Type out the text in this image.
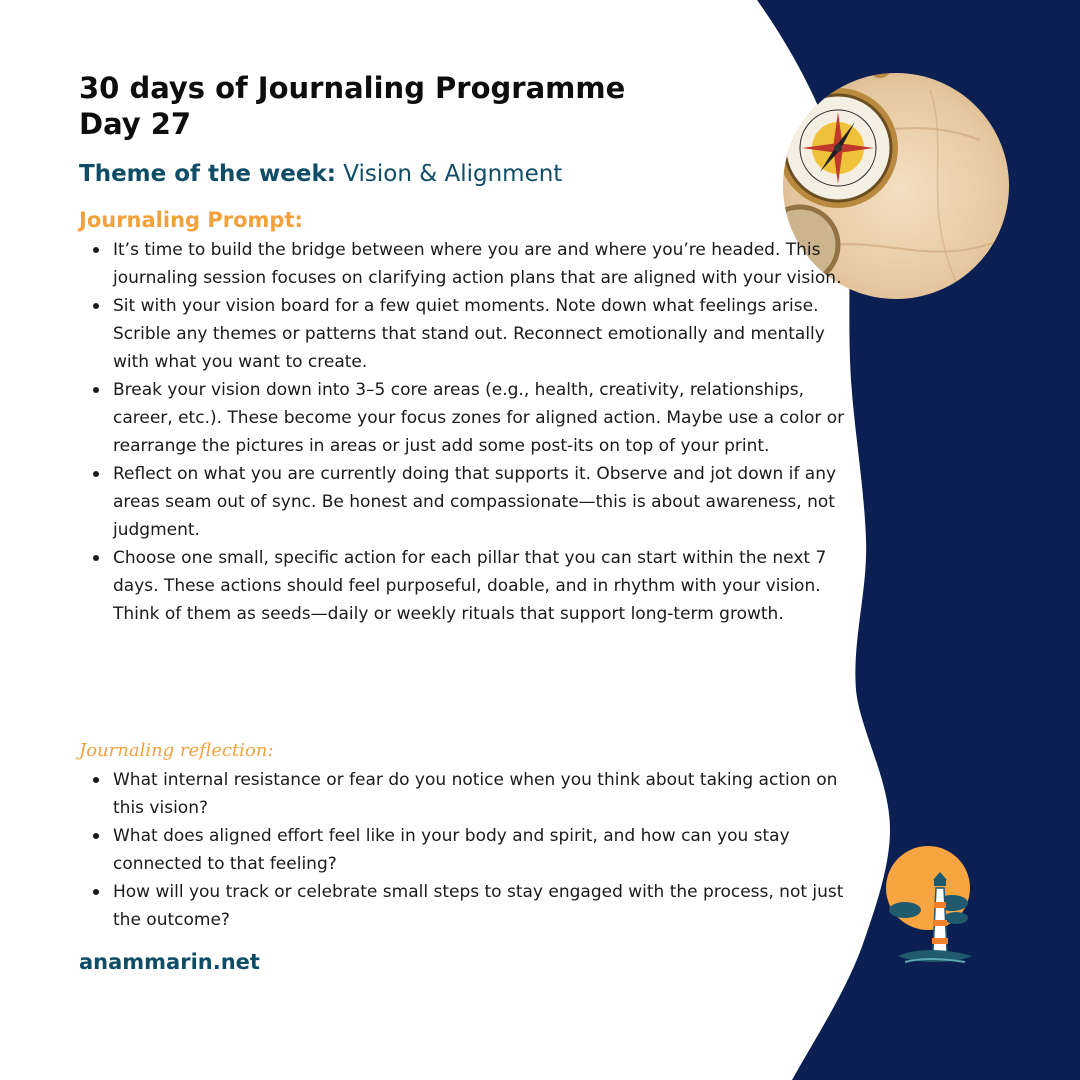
30 days of Journaling Programme
Day 27

Theme of the week: Vision & Alignment

Journaling Prompt:

It’s time to build the bridge between where you are and where you’re headed. This journaling session focuses on clarifying action plans that are aligned with your vision.
Sit with your vision board for a few quiet moments. Note down what feelings arise. Scrible any themes or patterns that stand out. Reconnect emotionally and mentally with what you want to create.
Break your vision down into 3–5 core areas (e.g., health, creativity, relationships, career, etc.). These become your focus zones for aligned action. Maybe use a color or rearrange the pictures in areas or just add some post-its on top of your print.
Reflect on what you are currently doing that supports it. Observe and jot down if any areas seam out of sync. Be honest and compassionate—this is about awareness, not judgment.
Choose one small, specific action for each pillar that you can start within the next 7 days. These actions should feel purposeful, doable, and in rhythm with your vision. Think of them as seeds—daily or weekly rituals that support long-term growth.

Journaling reflection:

What internal resistance or fear do you notice when you think about taking action on this vision?
What does aligned effort feel like in your body and spirit, and how can you stay connected to that feeling?
How will you track or celebrate small steps to stay engaged with the process, not just the outcome?

anammarin.net
